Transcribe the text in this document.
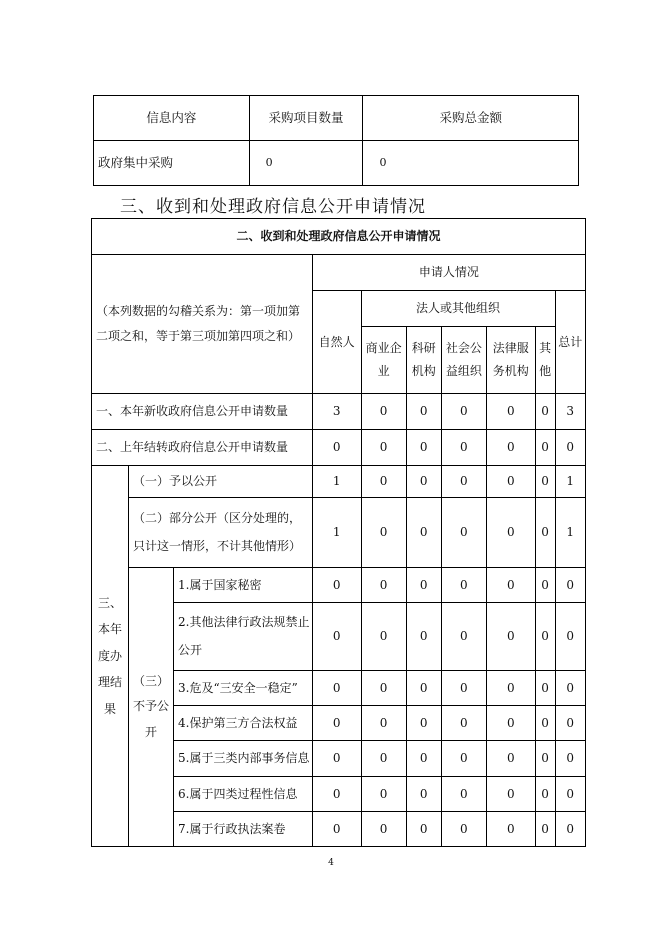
信息内容	采购项目数量	采购总金额
政府集中采购	0	0
三、收到和处理政府信息公开申请情况
二、收到和处理政府信息公开申请情况									

（本列数据的勾稽关系为：第一项加第二项之和，等于第三项加第四项之和）			申请人情况						
			自然人	法人或其他组织					总计
				商业企业	科研机构	社会公益组织	法律服务机构	其他	
一、本年新收政府信息公开申请数量			3	0	0	0	0	0	3
二、上年结转政府信息公开申请数量			0	0	0	0	0	0	0
三、本年度办理结果	（一）予以公开		1	0	0	0	0	0	1
	（二）部分公开（区分处理的，只计这一情形，不计其他情形）		1	0	0	0	0	0	1
	（三）不予公开	1.属于国家秘密	0	0	0	0	0	0	0
		2.其他法律行政法规禁止公开	0	0	0	0	0	0	0
		3.危及“三安全一稳定”	0	0	0	0	0	0	0
		4.保护第三方合法权益	0	0	0	0	0	0	0
		5.属于三类内部事务信息	0	0	0	0	0	0	0
		6.属于四类过程性信息	0	0	0	0	0	0	0
		7.属于行政执法案卷	0	0	0	0	0	0	0
4
